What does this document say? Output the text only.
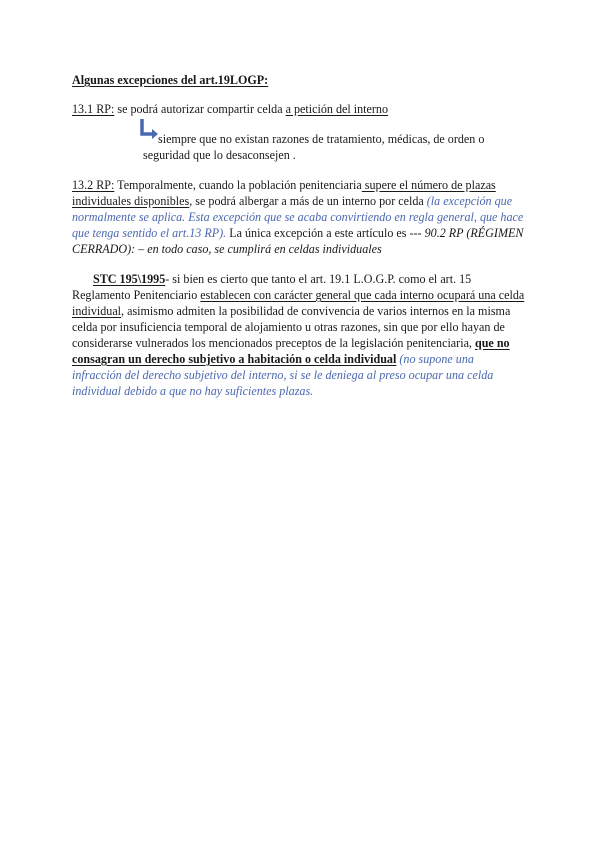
Algunas excepciones del art.19LOGP:
13.1 RP: se podrá autorizar compartir celda a petición del interno
siempre que no existan razones de tratamiento, médicas, de orden o
seguridad que lo desaconsejen .
13.2 RP: Temporalmente, cuando la población penitenciaria supere el número de plazas
individuales disponibles, se podrá albergar a más de un interno por celda (la excepción que
normalmente se aplica. Esta excepción que se acaba convirtiendo en regla general, que hace
que tenga sentido el art.13 RP). La única excepción a este artículo es --- 90.2 RP (RÉGIMEN
CERRADO): – en todo caso, se cumplirá en celdas individuales
STC 195\1995- si bien es cierto que tanto el art. 19.1 L.O.G.P. como el art. 15
Reglamento Penitenciario establecen con carácter general que cada interno ocupará una celda
individual, asimismo admiten la posibilidad de convivencia de varios internos en la misma
celda por insuficiencia temporal de alojamiento u otras razones, sin que por ello hayan de
considerarse vulnerados los mencionados preceptos de la legislación penitenciaria, que no
consagran un derecho subjetivo a habitación o celda individual (no supone una
infracción del derecho subjetivo del interno, si se le deniega al preso ocupar una celda
individual debido a que no hay suficientes plazas.
